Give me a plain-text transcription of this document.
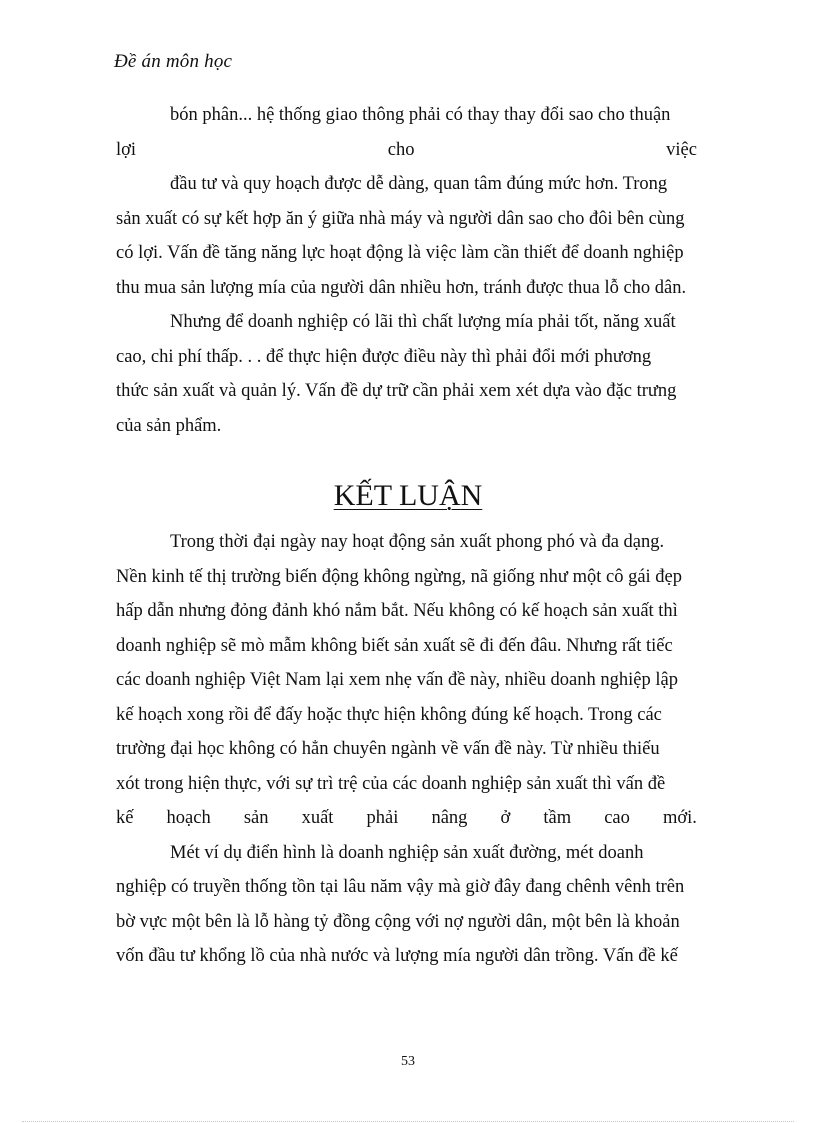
Đề án môn học
bón phân... hệ thống giao thông phải có thay thay đổi sao cho thuận
lợi	cho	việc
đầu tư và quy hoạch được dễ dàng, quan tâm đúng mức hơn. Trong
sản xuất có sự kết hợp ăn ý giữa nhà máy và người dân sao cho đôi bên cùng
có lợi. Vấn đề tăng năng lực hoạt động là việc làm cần thiết để doanh nghiệp
thu mua sản lượng mía của người dân nhiều hơn, tránh được thua lỗ cho dân.
Nhưng để doanh nghiệp có lãi thì chất lượng mía phải tốt, năng xuất
cao, chi phí thấp. . . để thực hiện được điều này thì phải đổi mới phương
thức sản xuất và quản lý. Vấn đề dự trữ cần phải xem xét dựa vào đặc trưng
của sản phẩm.
KẾT LUẬN
Trong thời đại ngày nay hoạt động sản xuất phong phó và đa dạng.
Nền kinh tế thị trường biến động không ngừng, nã giống như một cô gái đẹp
hấp dẫn nhưng đỏng đảnh khó nắm bắt. Nếu không có kế hoạch sản xuất thì
doanh nghiệp sẽ mò mẫm không biết sản xuất sẽ đi đến đâu. Nhưng rất tiếc
các doanh nghiệp Việt Nam lại xem nhẹ vấn đề này, nhiều doanh nghiệp lập
kế hoạch xong rồi để đấy hoặc thực hiện không đúng kế hoạch. Trong các
trường đại học không có hẳn chuyên ngành về vấn đề này. Từ nhiều thiếu
xót trong hiện thực, với sự trì trệ của các doanh nghiệp sản xuất thì vấn đề
kế hoạch sản xuất phải nâng ở tầm cao mới.
Mét ví dụ điển hình là doanh nghiệp sản xuất đường, mét doanh
nghiệp có truyền thống tồn tại lâu năm vậy mà giờ đây đang chênh vênh trên
bờ vực một bên là lỗ hàng tỷ đồng cộng với nợ người dân, một bên là khoản
vốn đầu tư khổng lồ của nhà nước và lượng mía người dân trồng. Vấn đề kế
53
